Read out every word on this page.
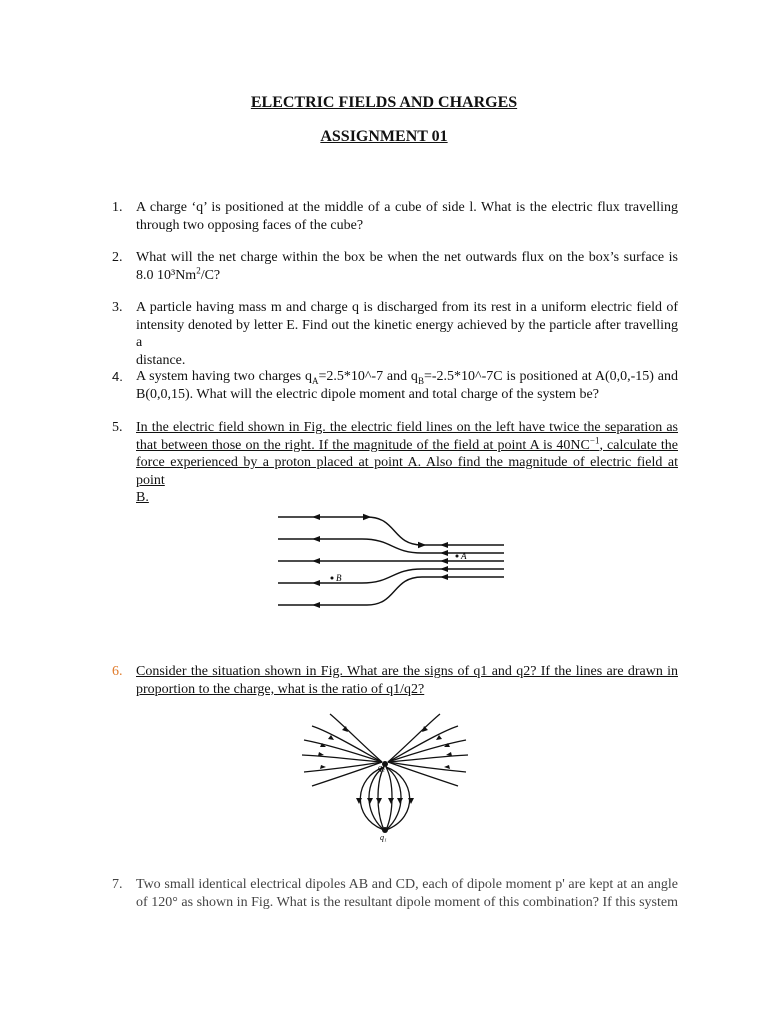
ELECTRIC FIELDS AND CHARGES
ASSIGNMENT 01
1. A charge ‘q’ is positioned at the middle of a cube of side l. What is the electric flux travelling
through two opposing faces of the cube?
2. What will the net charge within the box be when the net outwards flux on the box’s surface is
8.0 10³Nm$^2$/C?
3. A particle having mass m and charge q is discharged from its rest in a uniform electric field of
intensity denoted by letter E. Find out the kinetic energy achieved by the particle after travelling a
distance.
4. A system having two charges $q_A=2.5*10\^{}-7$ and $q_B=-2.5*10\^{}-7C$ is positioned at A(0,0,-15) and
B(0,0,15). What will the electric dipole moment and total charge of the system be?
5. In the electric field shown in Fig. the electric field lines on the left have twice the separation as
that between those on the right. If the magnitude of the field at point A is $40NC^{-1}$, calculate the
force experienced by a proton placed at point A. Also find the magnitude of electric field at point
B.
A
B
6. Consider the situation shown in Fig. What are the signs of q1 and q2? If the lines are drawn in
proportion to the charge, what is the ratio of q1/q2?
q₂
q₁
7. Two small identical electrical dipoles AB and CD, each of dipole moment p' are kept at an angle
of 120° as shown in Fig. What is the resultant dipole moment of this combination? If this system
